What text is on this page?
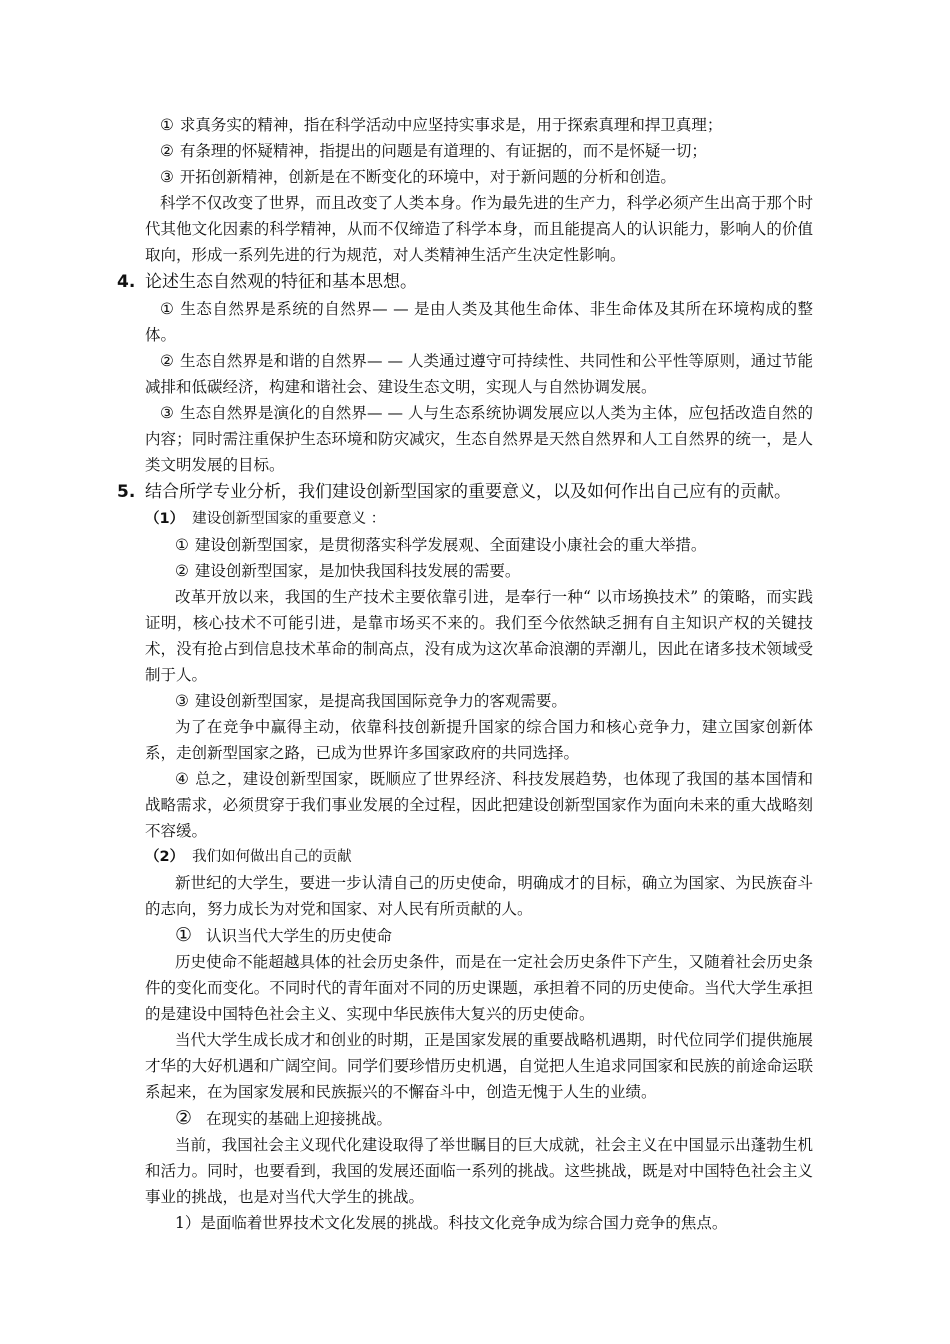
① 求真务实的精神，指在科学活动中应坚持实事求是，用于探索真理和捍卫真理；

② 有条理的怀疑精神，指提出的问题是有道理的、有证据的，而不是怀疑一切；

③ 开拓创新精神，创新是在不断变化的环境中，对于新问题的分析和创造。

科学不仅改变了世界，而且改变了人类本身。作为最先进的生产力，科学必须产生出高于那个时代其他文化因素的科学精神，从而不仅缔造了科学本身，而且能提高人的认识能力，影响人的价值取向，形成一系列先进的行为规范，对人类精神生活产生决定性影响。

4. 论述生态自然观的特征和基本思想。

① 生态自然界是系统的自然界— — 是由人类及其他生命体、非生命体及其所在环境构成的整体。

② 生态自然界是和谐的自然界— — 人类通过遵守可持续性、共同性和公平性等原则，通过节能减排和低碳经济，构建和谐社会、建设生态文明，实现人与自然协调发展。

③ 生态自然界是演化的自然界— — 人与生态系统协调发展应以人类为主体，应包括改造自然的内容；同时需注重保护生态环境和防灾减灾，生态自然界是天然自然界和人工自然界的统一，是人类文明发展的目标。

5. 结合所学专业分析，我们建设创新型国家的重要意义，以及如何作出自己应有的贡献。

（1） 建设创新型国家的重要意义 ：

① 建设创新型国家，是贯彻落实科学发展观、全面建设小康社会的重大举措。

② 建设创新型国家，是加快我国科技发展的需要。

改革开放以来，我国的生产技术主要依靠引进，是奉行一种“ 以市场换技术” 的策略，而实践证明，核心技术不可能引进，是靠市场买不来的。我们至今依然缺乏拥有自主知识产权的关键技术，没有抢占到信息技术革命的制高点，没有成为这次革命浪潮的弄潮儿，因此在诸多技术领域受制于人。

③ 建设创新型国家，是提高我国国际竞争力的客观需要。

为了在竞争中赢得主动，依靠科技创新提升国家的综合国力和核心竞争力，建立国家创新体系，走创新型国家之路，已成为世界许多国家政府的共同选择。

④ 总之，建设创新型国家，既顺应了世界经济、科技发展趋势，也体现了我国的基本国情和战略需求，必须贯穿于我们事业发展的全过程，因此把建设创新型国家作为面向未来的重大战略刻不容缓。

（2） 我们如何做出自己的贡献

新世纪的大学生，要进一步认清自己的历史使命，明确成才的目标，确立为国家、为民族奋斗的志向，努力成长为对党和国家、对人民有所贡献的人。

① 认识当代大学生的历史使命

历史使命不能超越具体的社会历史条件，而是在一定社会历史条件下产生，又随着社会历史条件的变化而变化。不同时代的青年面对不同的历史课题，承担着不同的历史使命。当代大学生承担的是建设中国特色社会主义、实现中华民族伟大复兴的历史使命。

当代大学生成长成才和创业的时期，正是国家发展的重要战略机遇期，时代位同学们提供施展才华的大好机遇和广阔空间。同学们要珍惜历史机遇，自觉把人生追求同国家和民族的前途命运联系起来，在为国家发展和民族振兴的不懈奋斗中，创造无愧于人生的业绩。

② 在现实的基础上迎接挑战。

当前，我国社会主义现代化建设取得了举世瞩目的巨大成就，社会主义在中国显示出蓬勃生机和活力。同时，也要看到，我国的发展还面临一系列的挑战。这些挑战，既是对中国特色社会主义事业的挑战，也是对当代大学生的挑战。

1）是面临着世界技术文化发展的挑战。科技文化竞争成为综合国力竞争的焦点。
